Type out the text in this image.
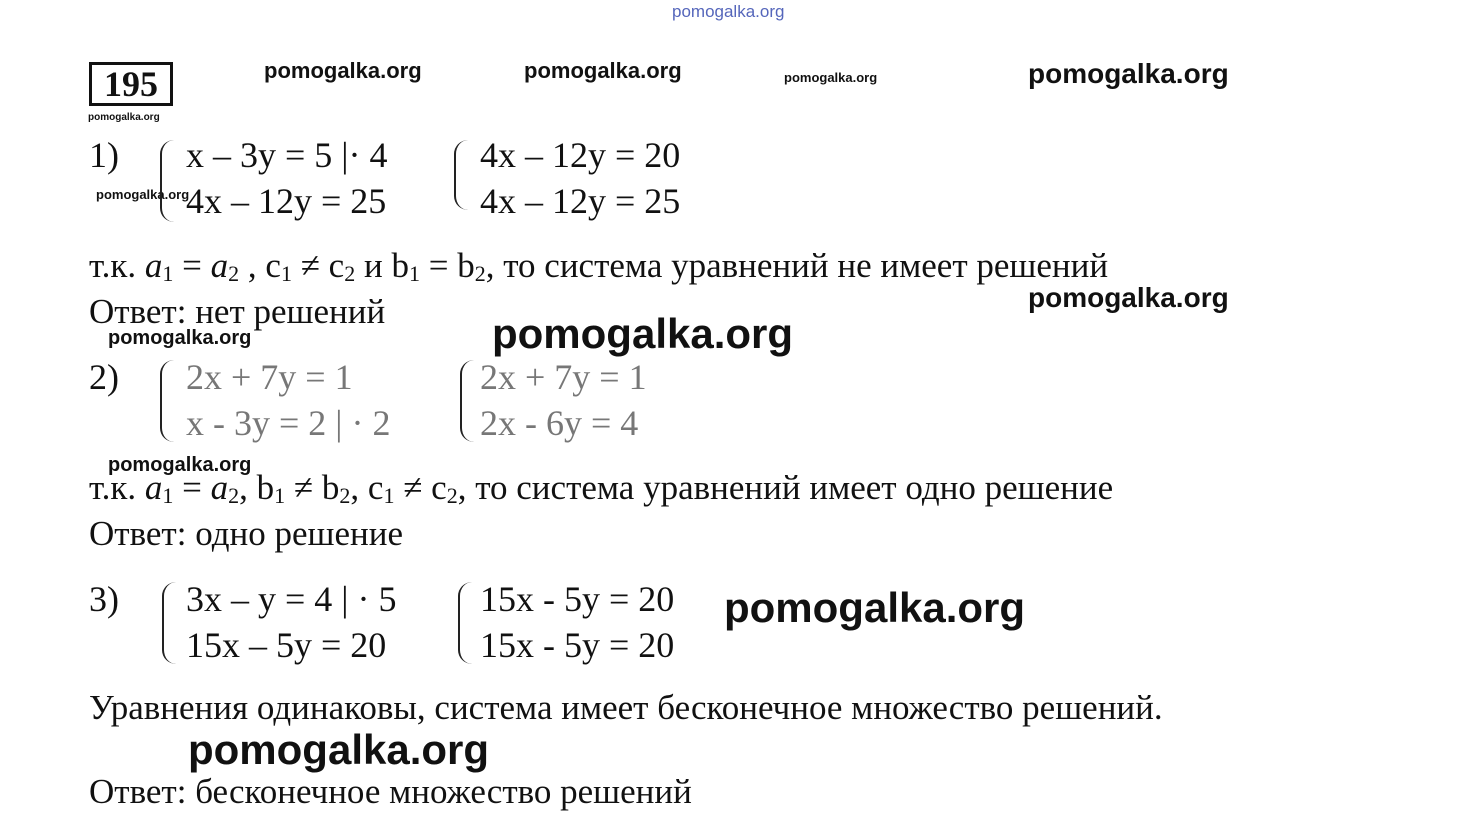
pomogalka.org
pomogalka.org	pomogalka.org	pomogalka.org	pomogalka.org
pomogalka.org
pomogalka.org
pomogalka.org
pomogalka.org
pomogalka.org
pomogalka.org
pomogalka.org
pomogalka.org
195
1) x – 3y = 5 |· 4
4x – 12y = 25
4x – 12y = 20
4x – 12y = 25
т.к. $a_1 = a_2$ , $c_1 \ne c_2$ и $b_1 = b_2$, то система уравнений не имеет решений
Ответ: нет решений
2) 2x + 7y = 1
x - 3y = 2 | · 2
2x + 7y = 1
2x - 6y = 4
т.к. $a_1 = a_2$, $b_1 \ne b_2$, $c_1 \ne c_2$, то система уравнений имеет одно решение
Ответ: одно решение
3) 3x – y = 4 | · 5
15x – 5y = 20
15x - 5y = 20
15x - 5y = 20
Уравнения одинаковы, система имеет бесконечное множество решений.
Ответ: бесконечное множество решений
